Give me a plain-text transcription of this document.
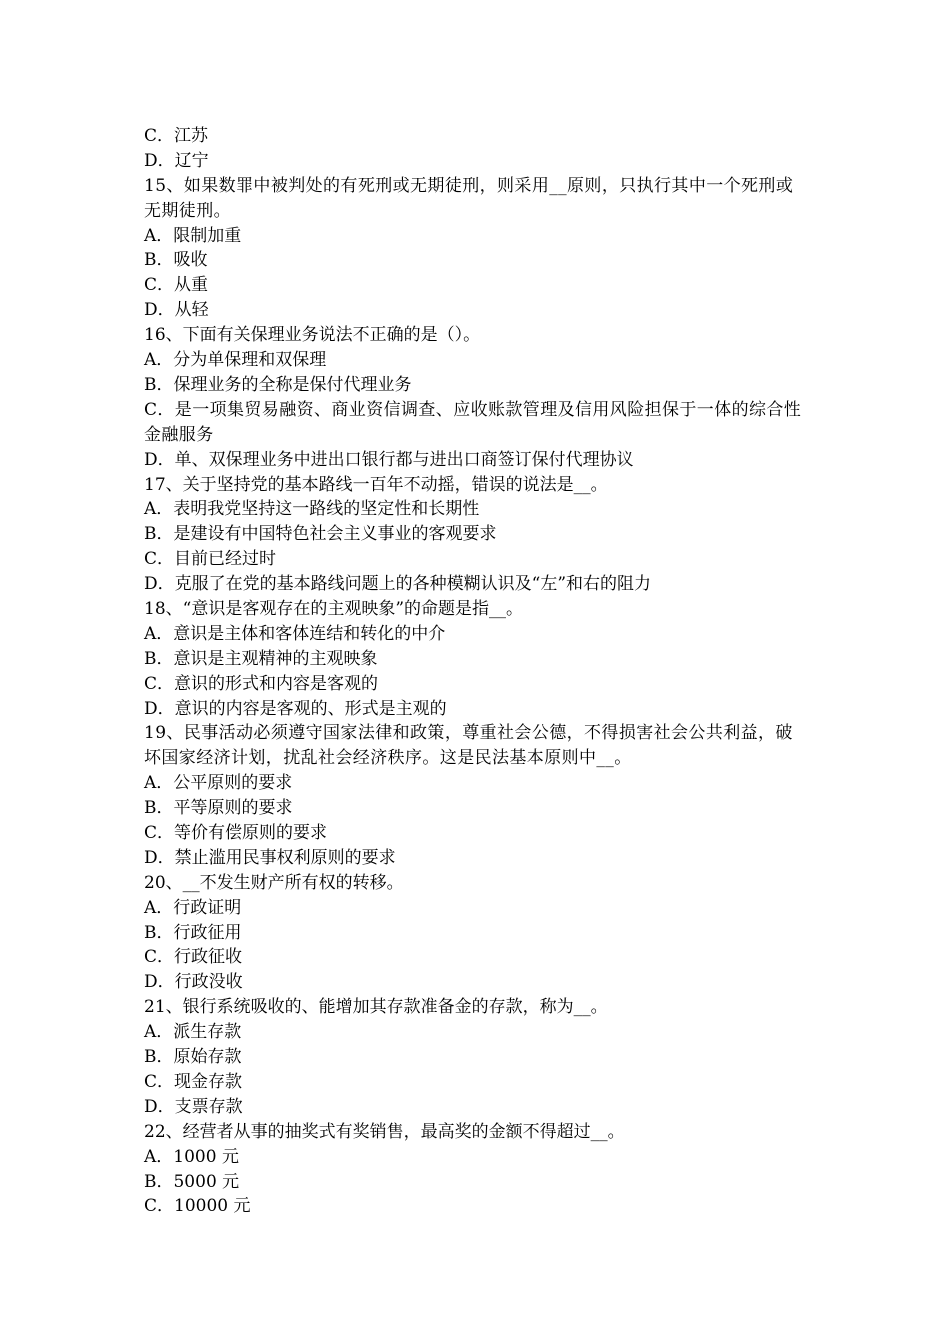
C．江苏
D．辽宁
15、如果数罪中被判处的有死刑或无期徒刑，则采用__原则，只执行其中一个死刑或无期徒刑。
A．限制加重
B．吸收
C．从重
D．从轻
16、下面有关保理业务说法不正确的是（）。
A．分为单保理和双保理
B．保理业务的全称是保付代理业务
C．是一项集贸易融资、商业资信调查、应收账款管理及信用风险担保于一体的综合性金融服务
D．单、双保理业务中进出口银行都与进出口商签订保付代理协议
17、关于坚持党的基本路线一百年不动摇，错误的说法是__。
A．表明我党坚持这一路线的坚定性和长期性
B．是建设有中国特色社会主义事业的客观要求
C．目前已经过时
D．克服了在党的基本路线问题上的各种模糊认识及“左”和右的阻力
18、“意识是客观存在的主观映象”的命题是指__。
A．意识是主体和客体连结和转化的中介
B．意识是主观精神的主观映象
C．意识的形式和内容是客观的
D．意识的内容是客观的、形式是主观的
19、民事活动必须遵守国家法律和政策，尊重社会公德，不得损害社会公共利益，破坏国家经济计划，扰乱社会经济秩序。这是民法基本原则中__。
A．公平原则的要求
B．平等原则的要求
C．等价有偿原则的要求
D．禁止滥用民事权利原则的要求
20、__不发生财产所有权的转移。
A．行政证明
B．行政征用
C．行政征收
D．行政没收
21、银行系统吸收的、能增加其存款准备金的存款，称为__。
A．派生存款
B．原始存款
C．现金存款
D．支票存款
22、经营者从事的抽奖式有奖销售，最高奖的金额不得超过__。
A．1000 元
B．5000 元
C．10000 元
